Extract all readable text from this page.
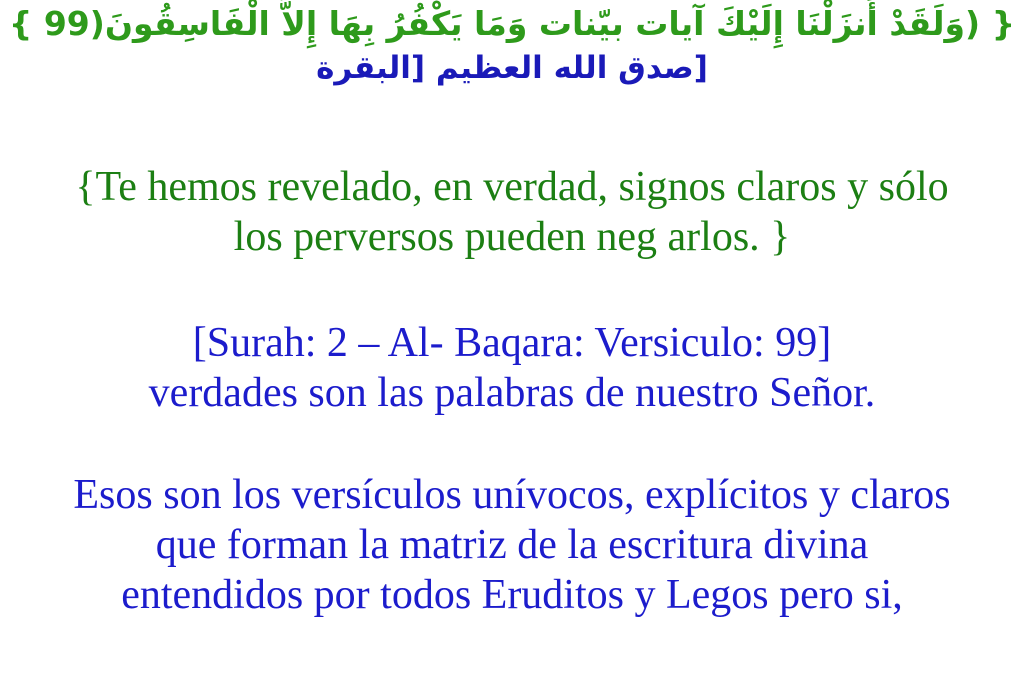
{ (وَلَقَدْ أَنزَلْنَا إِلَيْكَ آيات بيّنات وَمَا يَكْفُرُ بِهَا إِلاَّ الْفَاسِقُونَ(99 }

[صدق الله العظيم [البقرة

{Te hemos revelado, en verdad, signos claros y sólo
los perversos pueden neg arlos. }

[Surah: 2 – Al- Baqara: Versiculo: 99]
verdades son las palabras de nuestro Señor.

Esos son los versículos unívocos, explícitos y claros
que forman la matriz de la escritura divina
entendidos por todos Eruditos y Legos pero si,
